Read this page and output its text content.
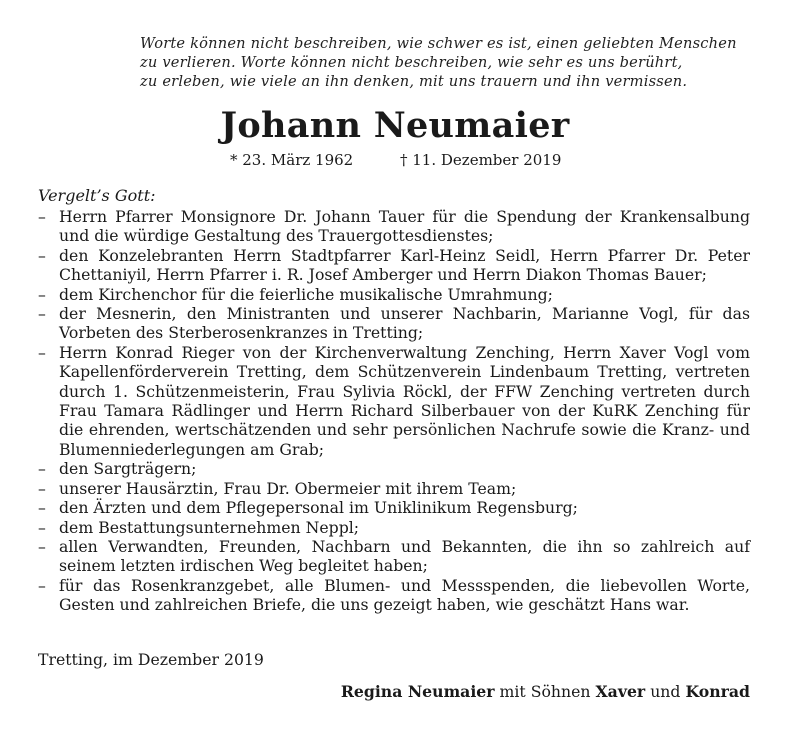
Worte können nicht beschreiben, wie schwer es ist, einen geliebten Menschen
zu verlieren. Worte können nicht beschreiben, wie sehr es uns berührt,
zu erleben, wie viele an ihn denken, mit uns trauern und ihn vermissen.
Johann Neumaier
* 23. März 1962	† 11. Dezember 2019
Vergelt’s Gott:
– Herrn Pfarrer Monsignore Dr. Johann Tauer für die Spendung der Krankensalbung und die würdige Gestaltung des Trauergottesdienstes;
– den Konzelebranten Herrn Stadtpfarrer Karl-Heinz Seidl, Herrn Pfarrer Dr. Peter Chettaniyil, Herrn Pfarrer i. R. Josef Amberger und Herrn Diakon Thomas Bauer;
– dem Kirchenchor für die feierliche musikalische Umrahmung;
– der Mesnerin, den Ministranten und unserer Nachbarin, Marianne Vogl, für das Vorbeten des Sterberosenkranzes in Tretting;
– Herrn Konrad Rieger von der Kirchenverwaltung Zenching, Herrn Xaver Vogl vom Kapellenförderverein Tretting, dem Schützenverein Lindenbaum Tretting, vertreten durch 1. Schützenmeisterin, Frau Sylivia Röckl, der FFW Zenching vertreten durch Frau Tamara Rädlinger und Herrn Richard Silberbauer von der KuRK Zenching für die ehrenden, wertschätzenden und sehr persönlichen Nachrufe sowie die Kranz- und Blumenniederlegungen am Grab;
– den Sargträgern;
– unserer Hausärztin, Frau Dr. Obermeier mit ihrem Team;
– den Ärzten und dem Pflegepersonal im Uniklinikum Regensburg;
– dem Bestattungsunternehmen Neppl;
– allen Verwandten, Freunden, Nachbarn und Bekannten, die ihn so zahlreich auf seinem letzten irdischen Weg begleitet haben;
– für das Rosenkranzgebet, alle Blumen- und Messspenden, die liebevollen Worte, Gesten und zahlreichen Briefe, die uns gezeigt haben, wie geschätzt Hans war.
Tretting, im Dezember 2019
Regina Neumaier mit Söhnen Xaver und Konrad
